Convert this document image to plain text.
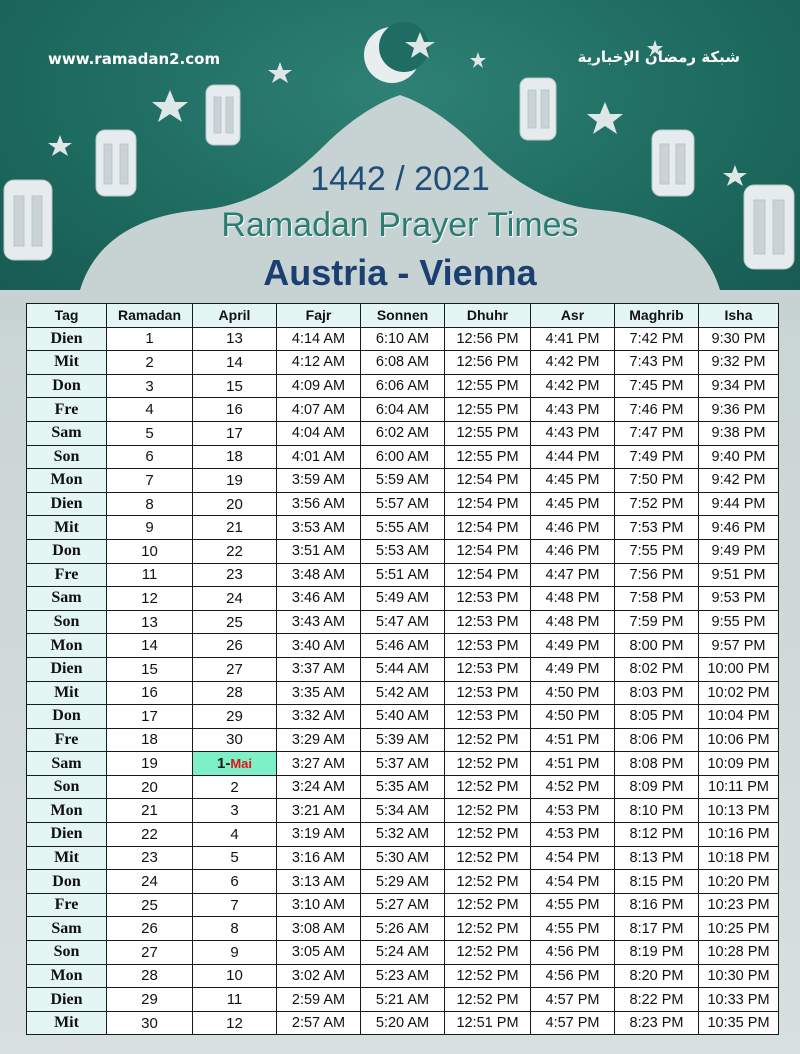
www.ramadan2.com	شبكة رمضان الإخبارية
1442 / 2021
Ramadan Prayer Times
Austria - Vienna
Tag	Ramadan	April	Fajr	Sonnen	Dhuhr	Asr	Maghrib	Isha
Dien	1	13	4:14 AM	6:10 AM	12:56 PM	4:41 PM	7:42 PM	9:30 PM
Mit	2	14	4:12 AM	6:08 AM	12:56 PM	4:42 PM	7:43 PM	9:32 PM
Don	3	15	4:09 AM	6:06 AM	12:55 PM	4:42 PM	7:45 PM	9:34 PM
Fre	4	16	4:07 AM	6:04 AM	12:55 PM	4:43 PM	7:46 PM	9:36 PM
Sam	5	17	4:04 AM	6:02 AM	12:55 PM	4:43 PM	7:47 PM	9:38 PM
Son	6	18	4:01 AM	6:00 AM	12:55 PM	4:44 PM	7:49 PM	9:40 PM
Mon	7	19	3:59 AM	5:59 AM	12:54 PM	4:45 PM	7:50 PM	9:42 PM
Dien	8	20	3:56 AM	5:57 AM	12:54 PM	4:45 PM	7:52 PM	9:44 PM
Mit	9	21	3:53 AM	5:55 AM	12:54 PM	4:46 PM	7:53 PM	9:46 PM
Don	10	22	3:51 AM	5:53 AM	12:54 PM	4:46 PM	7:55 PM	9:49 PM
Fre	11	23	3:48 AM	5:51 AM	12:54 PM	4:47 PM	7:56 PM	9:51 PM
Sam	12	24	3:46 AM	5:49 AM	12:53 PM	4:48 PM	7:58 PM	9:53 PM
Son	13	25	3:43 AM	5:47 AM	12:53 PM	4:48 PM	7:59 PM	9:55 PM
Mon	14	26	3:40 AM	5:46 AM	12:53 PM	4:49 PM	8:00 PM	9:57 PM
Dien	15	27	3:37 AM	5:44 AM	12:53 PM	4:49 PM	8:02 PM	10:00 PM
Mit	16	28	3:35 AM	5:42 AM	12:53 PM	4:50 PM	8:03 PM	10:02 PM
Don	17	29	3:32 AM	5:40 AM	12:53 PM	4:50 PM	8:05 PM	10:04 PM
Fre	18	30	3:29 AM	5:39 AM	12:52 PM	4:51 PM	8:06 PM	10:06 PM
Sam	19	1-Mai	3:27 AM	5:37 AM	12:52 PM	4:51 PM	8:08 PM	10:09 PM
Son	20	2	3:24 AM	5:35 AM	12:52 PM	4:52 PM	8:09 PM	10:11 PM
Mon	21	3	3:21 AM	5:34 AM	12:52 PM	4:53 PM	8:10 PM	10:13 PM
Dien	22	4	3:19 AM	5:32 AM	12:52 PM	4:53 PM	8:12 PM	10:16 PM
Mit	23	5	3:16 AM	5:30 AM	12:52 PM	4:54 PM	8:13 PM	10:18 PM
Don	24	6	3:13 AM	5:29 AM	12:52 PM	4:54 PM	8:15 PM	10:20 PM
Fre	25	7	3:10 AM	5:27 AM	12:52 PM	4:55 PM	8:16 PM	10:23 PM
Sam	26	8	3:08 AM	5:26 AM	12:52 PM	4:55 PM	8:17 PM	10:25 PM
Son	27	9	3:05 AM	5:24 AM	12:52 PM	4:56 PM	8:19 PM	10:28 PM
Mon	28	10	3:02 AM	5:23 AM	12:52 PM	4:56 PM	8:20 PM	10:30 PM
Dien	29	11	2:59 AM	5:21 AM	12:52 PM	4:57 PM	8:22 PM	10:33 PM
Mit	30	12	2:57 AM	5:20 AM	12:51 PM	4:57 PM	8:23 PM	10:35 PM
